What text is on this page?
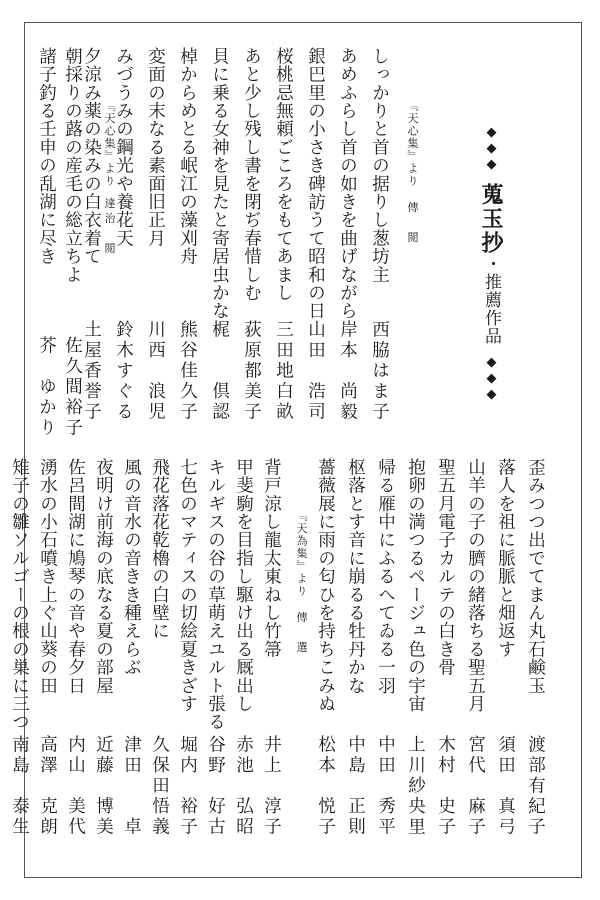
◆◆◆蒐玉抄・推薦作品◆◆◆
『天心集』より傳　閲
しっかりと首の据りし葱坊主
西脇はま子
あめふらし首の如きを曲げながら
岸本　尚毅
銀巴里の小さき碑訪うて昭和の日
山田　浩司
桜桃忌無頼ごころをもてあまし
三田地白畝
あと少し残し書を閉ぢ春惜しむ
荻原都美子
貝に乗る女神を見たと寄居虫かな
梶　　倶認
棹からめとる岷江の藻刈舟
熊谷佳久子
変面の末なる素面旧正月
川西　浪児
みづうみの鋼光や養花天
鈴木すぐる
夕涼み薬の染みの白衣着て
土屋香誉子
『天心集』より達治　閲
朝採りの蕗の産毛の総立ちよ
佐久間裕子
諸子釣る壬申の乱湖に尽き
芥　ゆかり
歪みつつ出でてまん丸石鹸玉
渡部有紀子
落人を祖に脈脈と畑返す
須田　真弓
山羊の子の臍の緒落ちる聖五月
宮代　麻子
聖五月電子カルテの白き骨
木村　史子
抱卵の満つるページュ色の宇宙
上川紗央里
帰る雁中にふるへてゐる一羽
中田　秀平
枢落とす音に崩るる牡丹かな
中島　正則
薔薇展に雨の匂ひを持ちこみぬ
松本　悦子
『天為集』より傳　選
背戸涼し龍太東ねし竹箒
井上　淳子
甲斐駒を目指し駆け出る厩出し
赤池　弘昭
キルギスの谷の草萌えユルト張る
谷野　好古
七色のマティスの切絵夏きざす
堀内　裕子
飛花落花乾櫓の白壁に
久保田悟義
風の音水の音きき種えらぶ
津田　　卓
夜明け前海の底なる夏の部屋
近藤　博美
佐呂間湖に鳩琴の音や春夕日
内山　美代
湧水の小石噴き上ぐ山葵の田
高澤　克朗
雉子の雛ソルゴーの根の巣に三つ
南島　泰生
